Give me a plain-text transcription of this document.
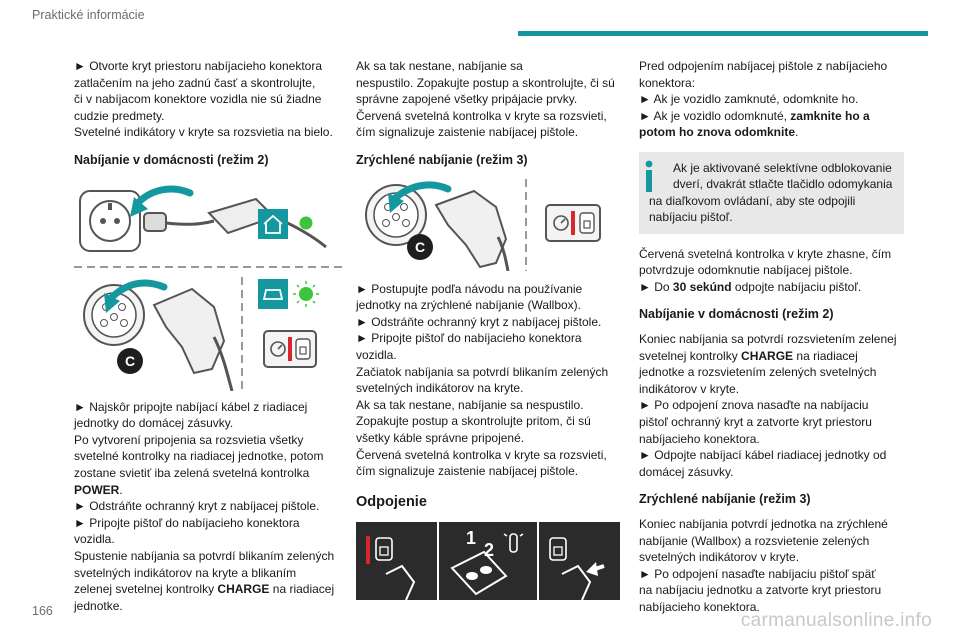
Praktické informácie
166	carmanualsonline.info

► Otvorte kryt priestoru nabíjacieho konektora

zatlačením na jeho zadnú časť a skontrolujte,

či v nabíjacom konektore vozidla nie sú žiadne

cudzie predmety.

Svetelné indikátory v kryte sa rozsvietia na bielo.

Nabíjanie v domácnosti (režim 2)
C

► Najskôr pripojte nabíjací kábel z riadiacej

jednotky do domácej zásuvky.

Po vytvorení pripojenia sa rozsvietia všetky

svetelné kontrolky na riadiacej jednotke, potom

zostane svietiť iba zelená svetelná kontrolka

POWER.

► Odstráňte ochranný kryt z nabíjacej pištole.

► Pripojte pištoľ do nabíjacieho konektora

vozidla.

Spustenie nabíjania sa potvrdí blikaním zelených

svetelných indikátorov na kryte a blikaním

zelenej svetelnej kontrolky CHARGE na riadiacej

jednotke.

Ak sa tak nestane, nabíjanie sa

nespustilo. Zopakujte postup a skontrolujte, či sú

správne zapojené všetky pripájacie prvky.

Červená svetelná kontrolka v kryte sa rozsvieti,

čím signalizuje zaistenie nabíjacej pištole.

Zrýchlené nabíjanie (režim 3)
C

► Postupujte podľa návodu na používanie

jednotky na zrýchlené nabíjanie (Wallbox).

► Odstráňte ochranný kryt z nabíjacej pištole.

► Pripojte pištoľ do nabíjacieho konektora

vozidla.

Začiatok nabíjania sa potvrdí blikaním zelených

svetelných indikátorov na kryte.

Ak sa tak nestane, nabíjanie sa nespustilo.

Zopakujte postup a skontrolujte pritom, či sú

všetky káble správne pripojené.

Červená svetelná kontrolka v kryte sa rozsvieti,

čím signalizuje zaistenie nabíjacej pištole.

Odpojenie
1
2

Pred odpojením nabíjacej pištole z nabíjacieho

konektora:

► Ak je vozidlo zamknuté, odomknite ho.

► Ak je vozidlo odomknuté, zamknite ho a

potom ho znova odomknite.

Ak je aktivované selektívne odblokovanie

dverí, dvakrát stlačte tlačidlo odomykania

na diaľkovom ovládaní, aby ste odpojili

nabíjaciu pištoľ.

Červená svetelná kontrolka v kryte zhasne, čím

potvrdzuje odomknutie nabíjacej pištole.

► Do 30 sekúnd odpojte nabíjaciu pištoľ.

Nabíjanie v domácnosti (režim 2)

Koniec nabíjania sa potvrdí rozsvietením zelenej

svetelnej kontrolky CHARGE na riadiacej

jednotke a rozsvietením zelených svetelných

indikátorov v kryte.

► Po odpojení znova nasaďte na nabíjaciu

pištoľ ochranný kryt a zatvorte kryt priestoru

nabíjacieho konektora.

► Odpojte nabíjací kábel riadiacej jednotky od

domácej zásuvky.

Zrýchlené nabíjanie (režim 3)

Koniec nabíjania potvrdí jednotka na zrýchlené

nabíjanie (Wallbox) a rozsvietenie zelených

svetelných indikátorov v kryte.

► Po odpojení nasaďte nabíjaciu pištoľ späť

na nabíjaciu jednotku a zatvorte kryt priestoru

nabíjacieho konektora.
